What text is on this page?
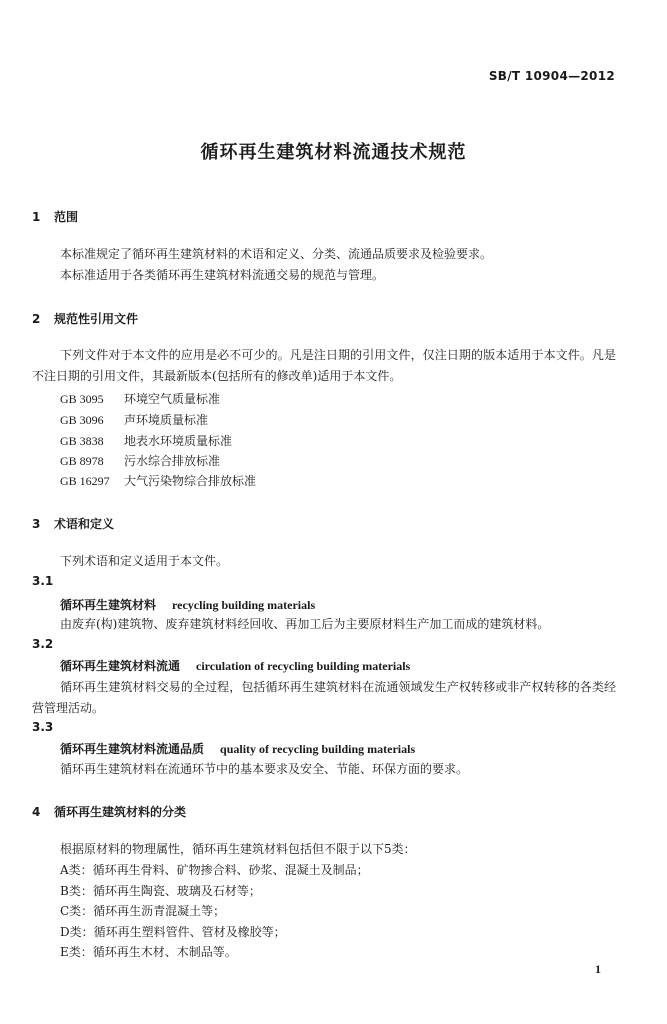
SB/T 10904—2012
循环再生建筑材料流通技术规范
1 范围
本标准规定了循环再生建筑材料的术语和定义、分类、流通品质要求及检验要求。
本标准适用于各类循环再生建筑材料流通交易的规范与管理。
2 规范性引用文件
下列文件对于本文件的应用是必不可少的。凡是注日期的引用文件，仅注日期的版本适用于本文件。凡是不注日期的引用文件，其最新版本(包括所有的修改单)适用于本文件。
GB 3095 环境空气质量标准
GB 3096 声环境质量标准
GB 3838 地表水环境质量标准
GB 8978 污水综合排放标准
GB 16297 大气污染物综合排放标准
3 术语和定义
下列术语和定义适用于本文件。
3.1
循环再生建筑材料 recycling building materials
由废弃(构)建筑物、废弃建筑材料经回收、再加工后为主要原材料生产加工而成的建筑材料。
3.2
循环再生建筑材料流通 circulation of recycling building materials
循环再生建筑材料交易的全过程，包括循环再生建筑材料在流通领域发生产权转移或非产权转移的各类经营管理活动。
3.3
循环再生建筑材料流通品质 quality of recycling building materials
循环再生建筑材料在流通环节中的基本要求及安全、节能、环保方面的要求。
4 循环再生建筑材料的分类
根据原材料的物理属性，循环再生建筑材料包括但不限于以下5类：
A类：循环再生骨料、矿物掺合料、砂浆、混凝土及制品；
B类：循环再生陶瓷、玻璃及石材等；
C类：循环再生沥青混凝土等；
D类：循环再生塑料管件、管材及橡胶等；
E类：循环再生木材、木制品等。
1
